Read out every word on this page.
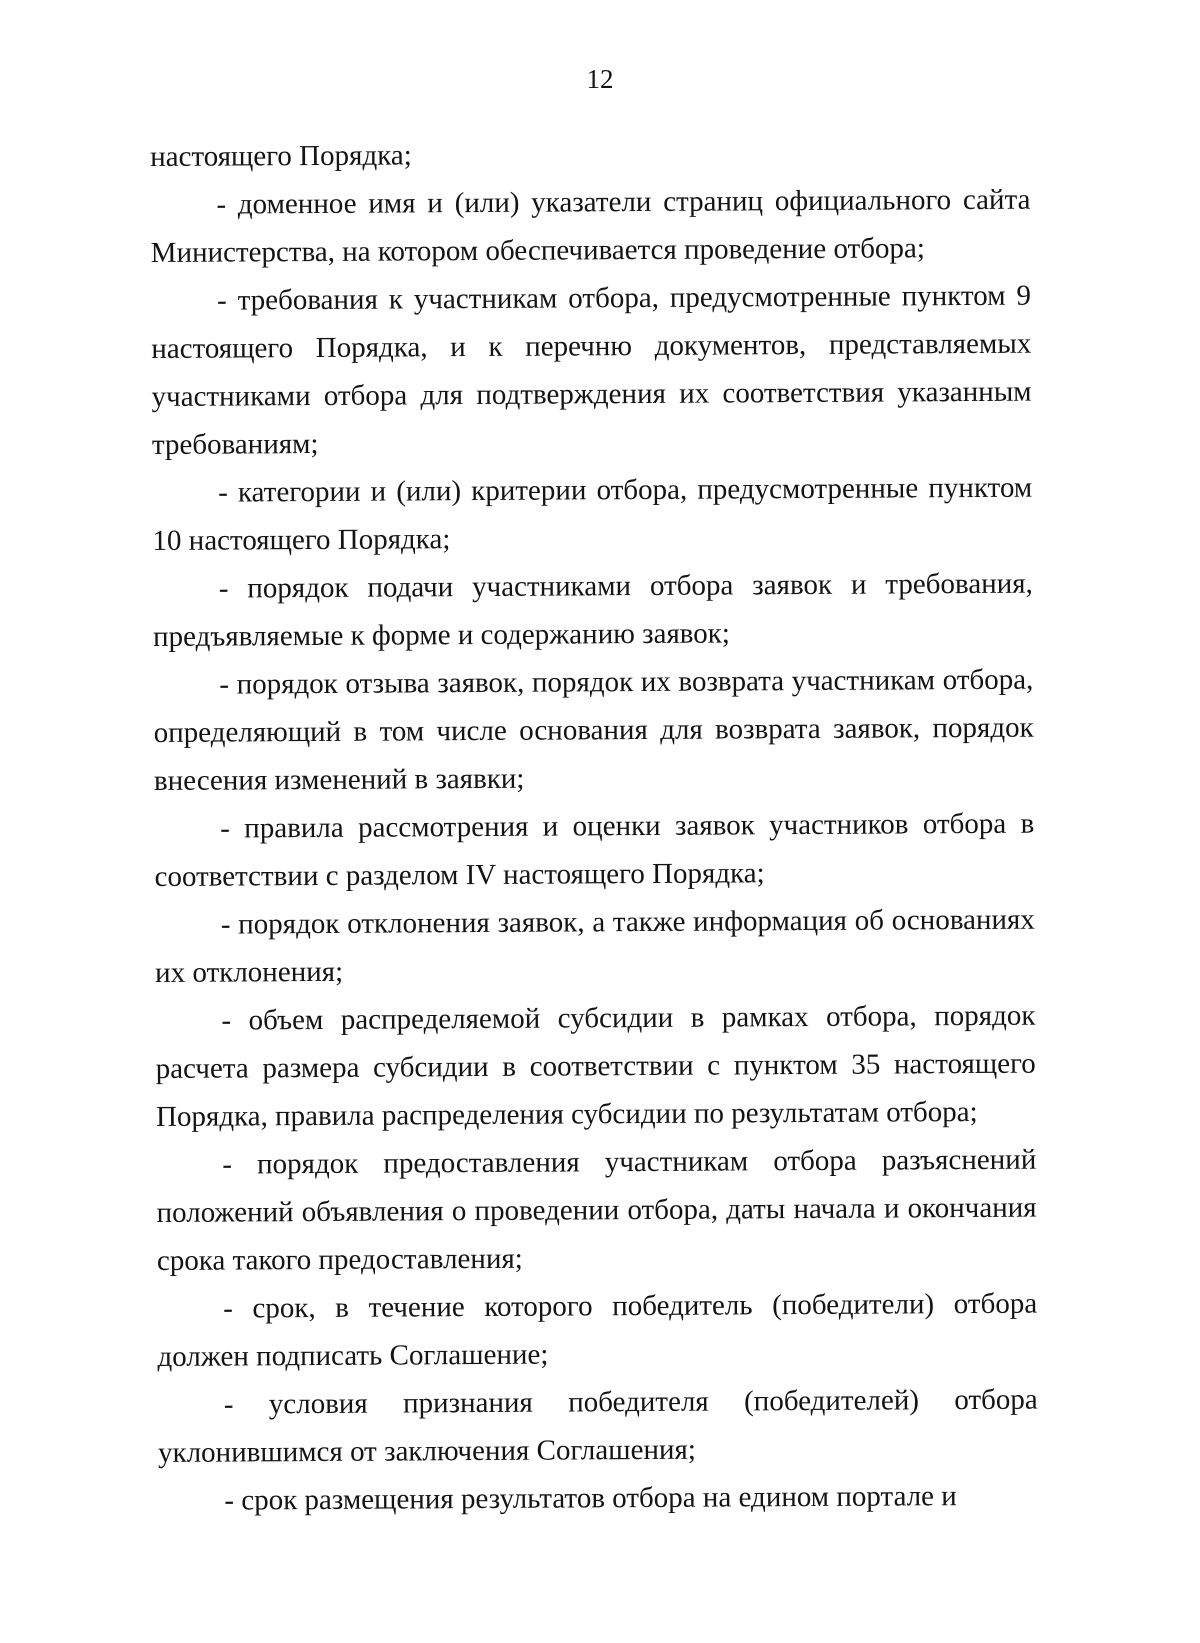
12

настоящего Порядка;

- доменное имя и (или) указатели страниц официального сайта Министерства, на котором обеспечивается проведение отбора;

- требования к участникам отбора, предусмотренные пунктом 9 настоящего Порядка, и к перечню документов, представляемых участниками отбора для подтверждения их соответствия указанным требованиям;

- категории и (или) критерии отбора, предусмотренные пунктом 10 настоящего Порядка;

- порядок подачи участниками отбора заявок и требования, предъявляемые к форме и содержанию заявок;

- порядок отзыва заявок, порядок их возврата участникам отбора, определяющий в том числе основания для возврата заявок, порядок внесения изменений в заявки;

- правила рассмотрения и оценки заявок участников отбора в соответствии с разделом IV настоящего Порядка;

- порядок отклонения заявок, а также информация об основаниях их отклонения;

- объем распределяемой субсидии в рамках отбора, порядок расчета размера субсидии в соответствии с пунктом 35 настоящего Порядка, правила распределения субсидии по результатам отбора;

- порядок предоставления участникам отбора разъяснений положений объявления о проведении отбора, даты начала и окончания срока такого предоставления;

- срок, в течение которого победитель (победители) отбора должен подписать Соглашение;

- условия признания победителя (победителей) отбора уклонившимся от заключения Соглашения;

- срок размещения результатов отбора на едином портале и
